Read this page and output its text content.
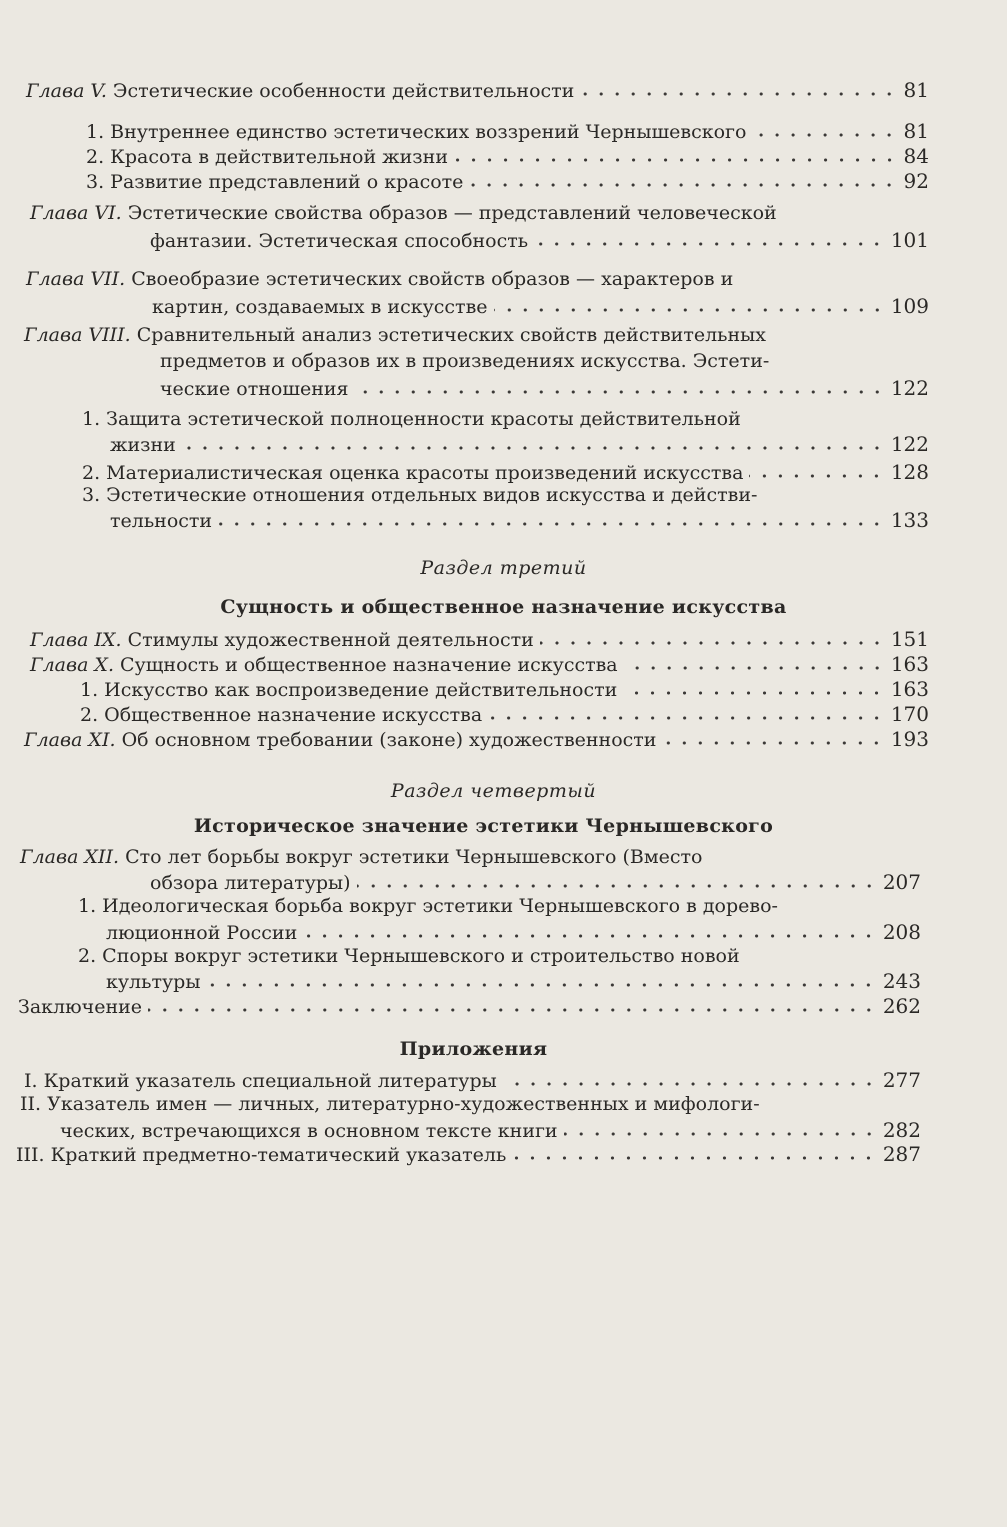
Глава V. Эстетические особенности действительности	81
1. Внутреннее единство эстетических воззрений Чернышевского	81
2. Красота в действительной жизни	84
3. Развитие представлений о красоте	92
Глава VI. Эстетические свойства образов — представлений человеческой
фантазии. Эстетическая способность	101
Глава VII. Своеобразие эстетических свойств образов — характеров и
картин, создаваемых в искусстве	109
Глава VIII. Сравнительный анализ эстетических свойств действительных
предметов и образов их в произведениях искусства. Эстети-
ческие отношения	122
1. Защита эстетической полноценности красоты действительной
жизни	122
2. Материалистическая оценка красоты произведений искусства	128
3. Эстетические отношения отдельных видов искусства и действи-
тельности	133
Раздел третий
Сущность и общественное назначение искусства
Глава IX. Стимулы художественной деятельности	151
Глава X. Сущность и общественное назначение искусства	163
1. Искусство как воспроизведение действительности	163
2. Общественное назначение искусства	170
Глава XI. Об основном требовании (законе) художественности	193
Раздел четвертый
Историческое значение эстетики Чернышевского
Глава XII. Сто лет борьбы вокруг эстетики Чернышевского (Вместо
обзора литературы)	207
1. Идеологическая борьба вокруг эстетики Чернышевского в дорево-
люционной России	208
2. Споры вокруг эстетики Чернышевского и строительство новой
культуры	243
Заключение	262
Приложения
I. Краткий указатель специальной литературы	277
II. Указатель имен — личных, литературно-художественных и мифологи-
ческих, встречающихся в основном тексте книги	282
III. Краткий предметно-тематический указатель	287
